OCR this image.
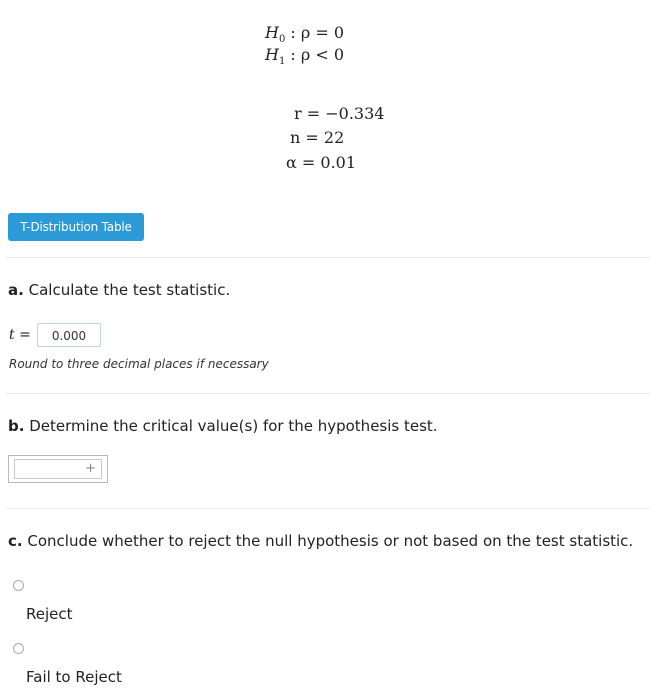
$H_0$ : ρ = 0
$H_1$ : ρ < 0
r = −0.334
n = 22
α = 0.01
T-Distribution Table
a. Calculate the test statistic.
t =	0.000
Round to three decimal places if necessary
b. Determine the critical value(s) for the hypothesis test.
+
c. Conclude whether to reject the null hypothesis or not based on the test statistic.
Reject
Fail to Reject
